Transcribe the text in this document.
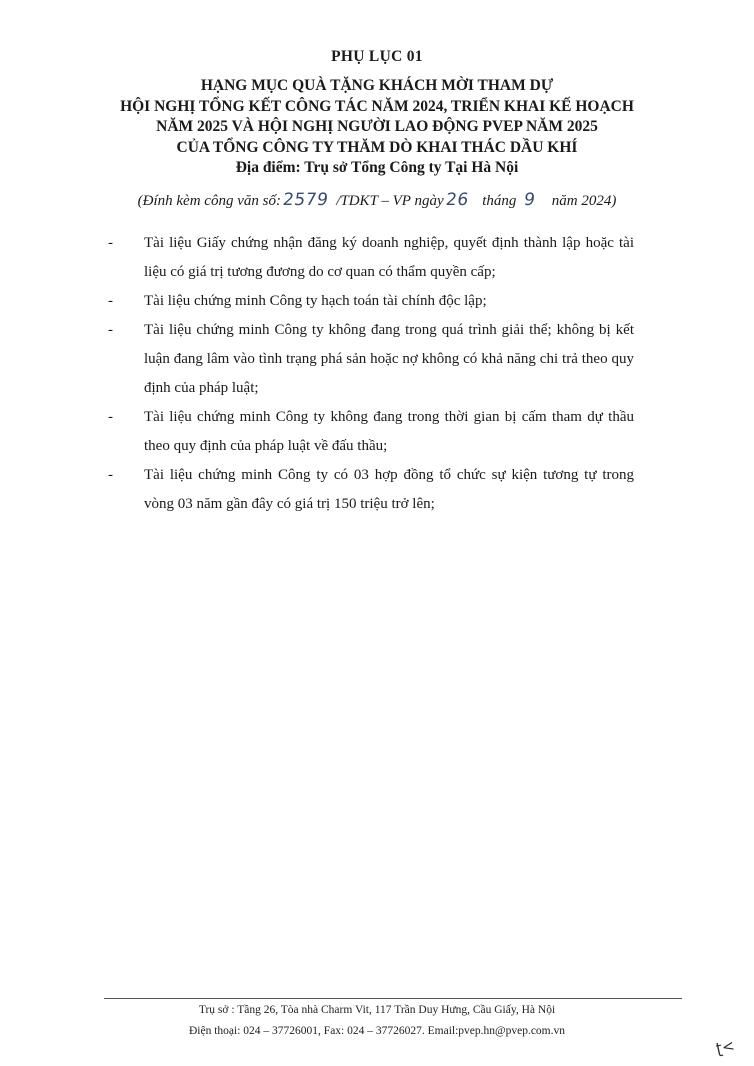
PHỤ LỤC 01
HẠNG MỤC QUÀ TẶNG KHÁCH MỜI THAM DỰ
HỘI NGHỊ TỔNG KẾT CÔNG TÁC NĂM 2024, TRIỂN KHAI KẾ HOẠCH
NĂM 2025 VÀ HỘI NGHỊ NGƯỜI LAO ĐỘNG PVEP NĂM 2025
CỦA TỔNG CÔNG TY THĂM DÒ KHAI THÁC DẦU KHÍ
Địa điểm: Trụ sở Tổng Công ty Tại Hà Nội
(Đính kèm công văn số:2579 /TDKT – VP ngày26 tháng 9 năm 2024)
-	Tài liệu Giấy chứng nhận đăng ký doanh nghiệp, quyết định thành lập hoặc tài liệu có giá trị tương đương do cơ quan có thẩm quyền cấp;
-	Tài liệu chứng minh Công ty hạch toán tài chính độc lập;
-	Tài liệu chứng minh Công ty không đang trong quá trình giải thể; không bị kết luận đang lâm vào tình trạng phá sản hoặc nợ không có khả năng chi trả theo quy định của pháp luật;
-	Tài liệu chứng minh Công ty không đang trong thời gian bị cấm tham dự thầu theo quy định của pháp luật về đấu thầu;
-	Tài liệu chứng minh Công ty có 03 hợp đồng tổ chức sự kiện tương tự trong vòng 03 năm gần đây có giá trị 150 triệu trở lên;
Trụ sở : Tầng 26, Tòa nhà Charm Vit, 117 Trần Duy Hưng, Cầu Giấy, Hà Nội
Điện thoại: 024 – 37726001, Fax: 024 – 37726027. Email:pvep.hn@pvep.com.vn
ʈ<
